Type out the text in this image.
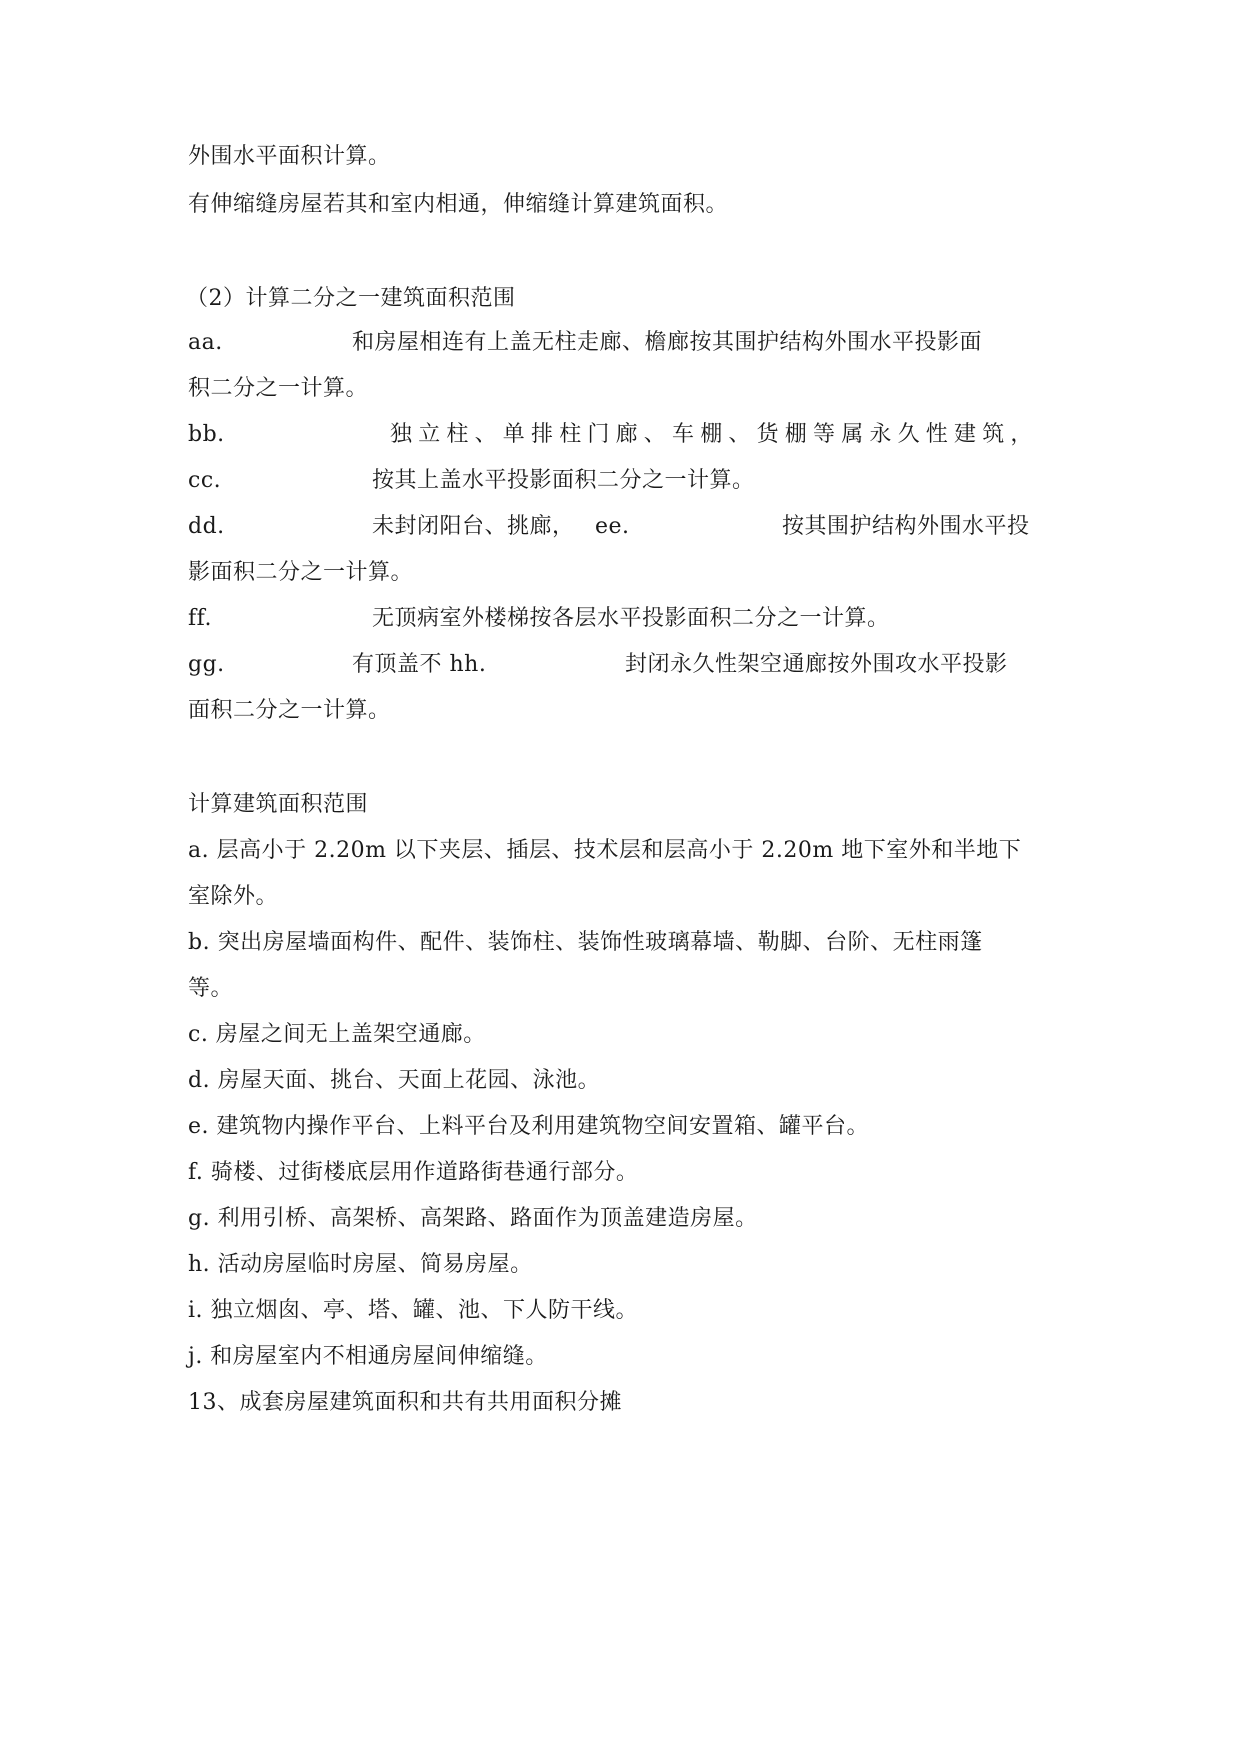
外围水平面积计算。
有伸缩缝房屋若其和室内相通，伸缩缝计算建筑面积。
（2）计算二分之一建筑面积范围
aa.	和房屋相连有上盖无柱走廊、檐廊按其围护结构外围水平投影面
积二分之一计算。
bb.	独立柱、单排柱门廊、车棚、货棚等属永久性建筑，
cc.	按其上盖水平投影面积二分之一计算。
dd.	未封闭阳台、挑廊， ee.	按其围护结构外围水平投
影面积二分之一计算。
ff.	无顶病室外楼梯按各层水平投影面积二分之一计算。
gg.	有顶盖不 hh.	封闭永久性架空通廊按外围攻水平投影
面积二分之一计算。
计算建筑面积范围
a. 层高小于 2.20m 以下夹层、插层、技术层和层高小于 2.20m 地下室外和半地下
室除外。
b. 突出房屋墙面构件、配件、装饰柱、装饰性玻璃幕墙、勒脚、台阶、无柱雨篷
等。
c. 房屋之间无上盖架空通廊。
d. 房屋天面、挑台、天面上花园、泳池。
e. 建筑物内操作平台、上料平台及利用建筑物空间安置箱、罐平台。
f. 骑楼、过街楼底层用作道路街巷通行部分。
g. 利用引桥、高架桥、高架路、路面作为顶盖建造房屋。
h. 活动房屋临时房屋、简易房屋。
i. 独立烟囱、亭、塔、罐、池、下人防干线。
j. 和房屋室内不相通房屋间伸缩缝。
13、成套房屋建筑面积和共有共用面积分摊
